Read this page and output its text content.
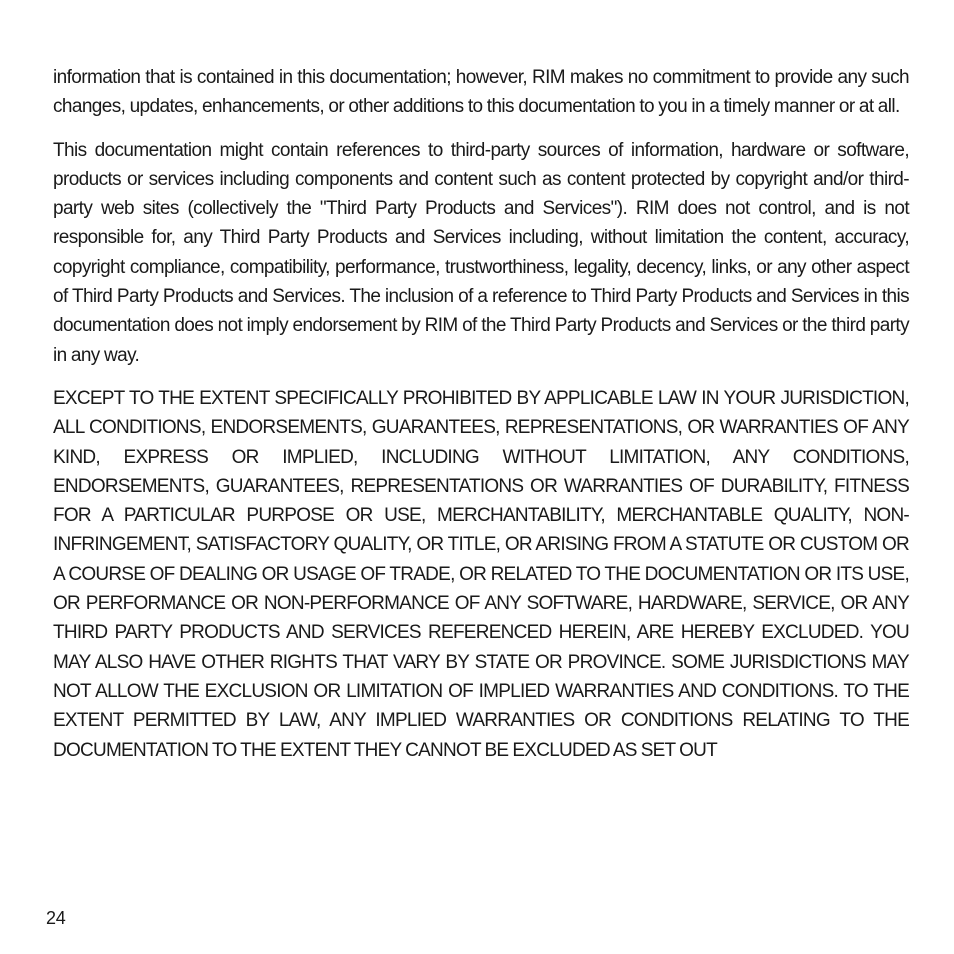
information that is contained in this documentation; however, RIM makes no commitment to provide any such changes, updates, enhancements, or other additions to this documentation to you in a timely manner or at all.

This documentation might contain references to third-party sources of information, hardware or software, products or services including components and content such as content protected by copyright and/or third-party web sites (collectively the "Third Party Products and Services"). RIM does not control, and is not responsible for, any Third Party Products and Services including, without limitation the content, accuracy, copyright compliance, compatibility, performance, trustworthiness, legality, decency, links, or any other aspect of Third Party Products and Services. The inclusion of a reference to Third Party Products and Services in this documentation does not imply endorsement by RIM of the Third Party Products and Services or the third party in any way.

EXCEPT TO THE EXTENT SPECIFICALLY PROHIBITED BY APPLICABLE LAW IN YOUR JURISDICTION, ALL CONDITIONS, ENDORSEMENTS, GUARANTEES, REPRESENTATIONS, OR WARRANTIES OF ANY KIND, EXPRESS OR IMPLIED, INCLUDING WITHOUT LIMITATION, ANY CONDITIONS, ENDORSEMENTS, GUARANTEES, REPRESENTATIONS OR WARRANTIES OF DURABILITY, FITNESS FOR A PARTICULAR PURPOSE OR USE, MERCHANTABILITY, MERCHANTABLE QUALITY, NON-INFRINGEMENT, SATISFACTORY QUALITY, OR TITLE, OR ARISING FROM A STATUTE OR CUSTOM OR A COURSE OF DEALING OR USAGE OF TRADE, OR RELATED TO THE DOCUMENTATION OR ITS USE, OR PERFORMANCE OR NON-PERFORMANCE OF ANY SOFTWARE, HARDWARE, SERVICE, OR ANY THIRD PARTY PRODUCTS AND SERVICES REFERENCED HEREIN, ARE HEREBY EXCLUDED. YOU MAY ALSO HAVE OTHER RIGHTS THAT VARY BY STATE OR PROVINCE. SOME JURISDICTIONS MAY NOT ALLOW THE EXCLUSION OR LIMITATION OF IMPLIED WARRANTIES AND CONDITIONS. TO THE EXTENT PERMITTED BY LAW, ANY IMPLIED WARRANTIES OR CONDITIONS RELATING TO THE DOCUMENTATION TO THE EXTENT THEY CANNOT BE EXCLUDED AS SET OUT

24
